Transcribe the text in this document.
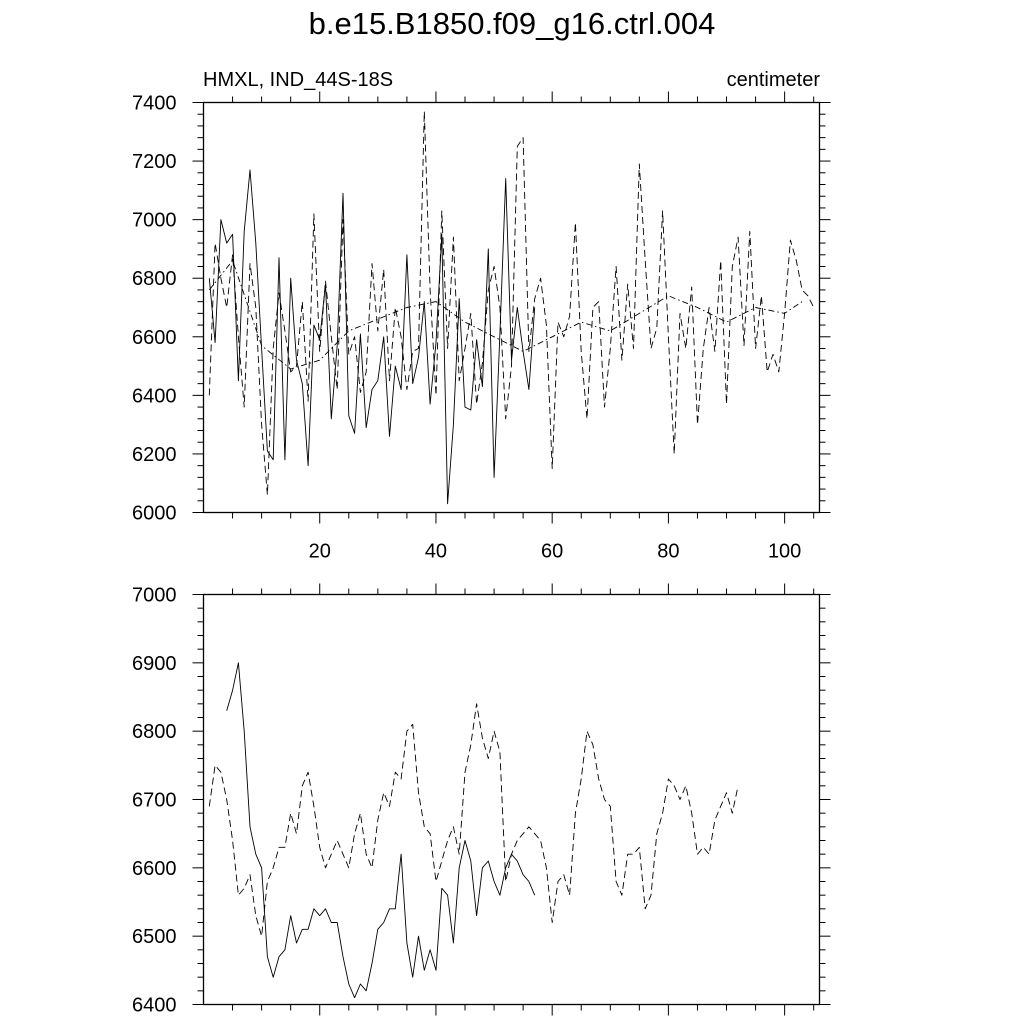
b.e15.B1850.f09_g16.ctrl.004
HMXL, IND_44S-18S	centimeter
6000
6200
6400
6600
6800
7000
7200
7400
20	40	60	80	100
6400
6500
6600
6700
6800
6900
7000
